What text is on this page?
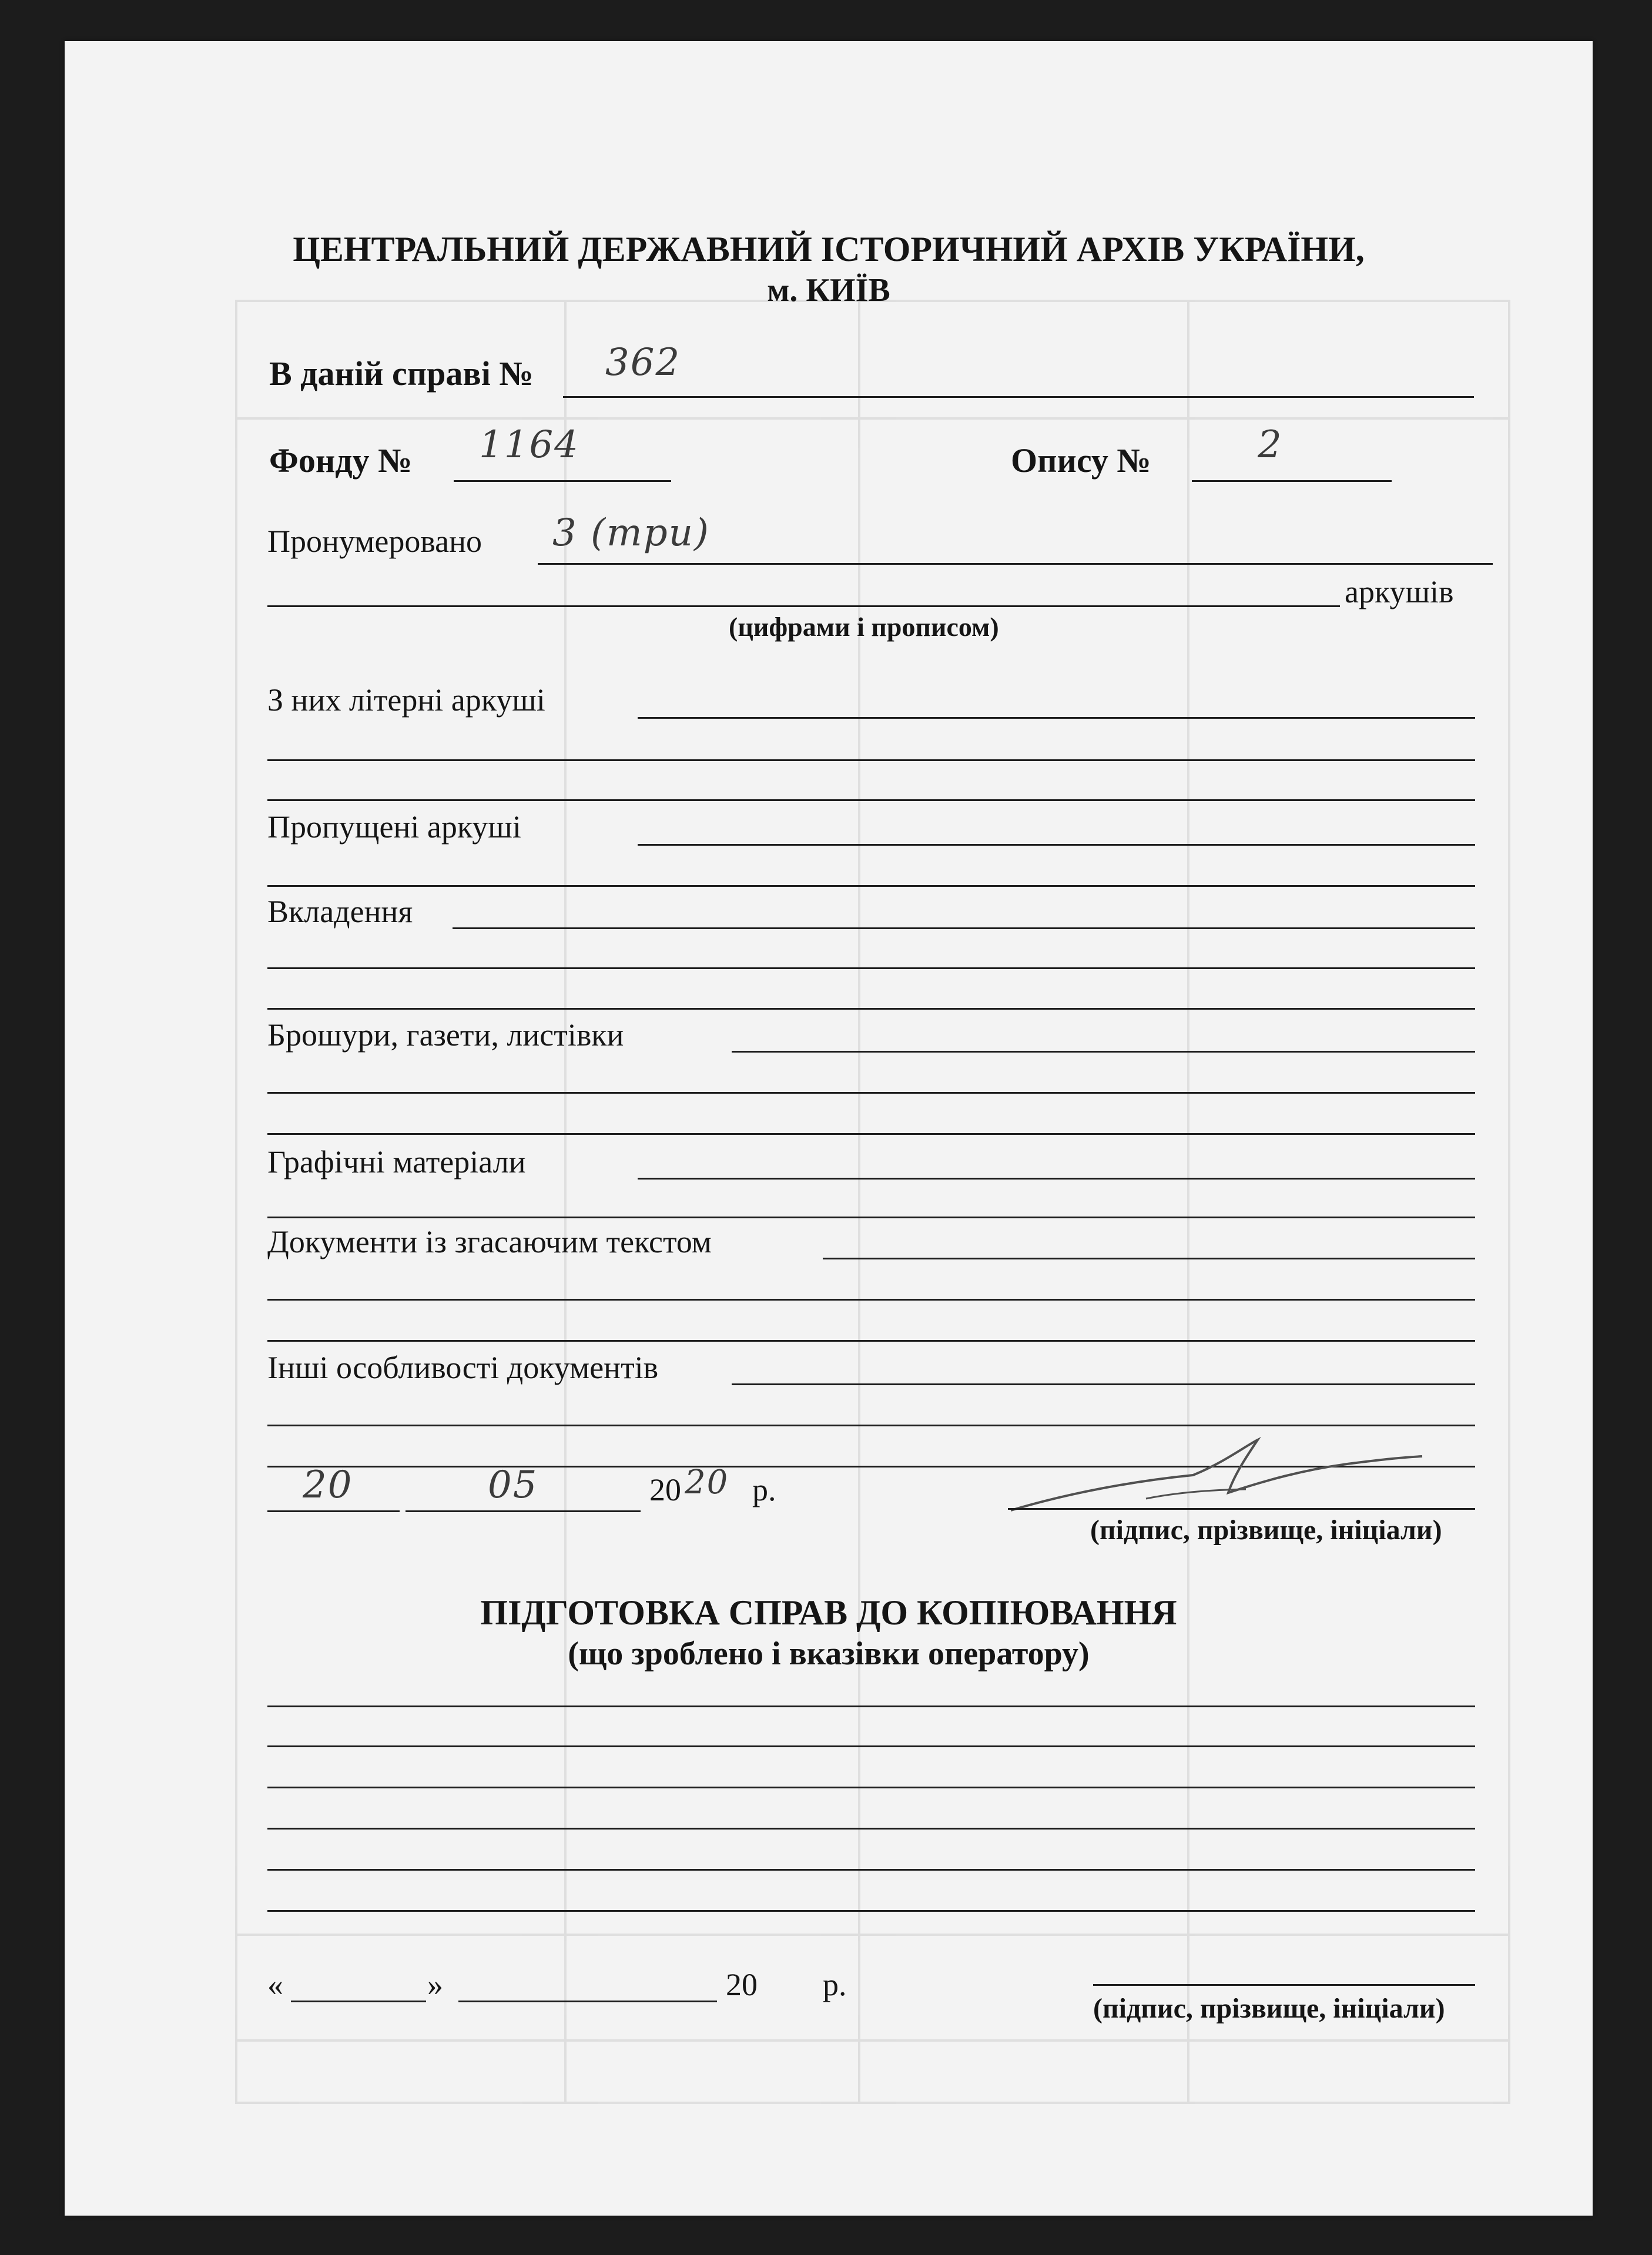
ЦЕНТРАЛЬНИЙ ДЕРЖАВНИЙ ІСТОРИЧНИЙ АРХІВ УКРАЇНИ,
м. КИЇВ
В даній справі № 362
Фонду № 1164	Опису №	2
Пронумеровано 3 (три)
аркушів
(цифрами і прописом)
З них літерні аркуші
Пропущені аркуші
Вкладення
Брошури, газети, листівки
Графічні матеріали
Документи із згасаючим текстом
Інші особливості документів
20	05	20 20 р.
(підпис, прізвище, ініціали)
ПІДГОТОВКА СПРАВ ДО КОПІЮВАННЯ
(що зроблено і вказівки оператору)
«	»	20 р.
(підпис, прізвище, ініціали)
